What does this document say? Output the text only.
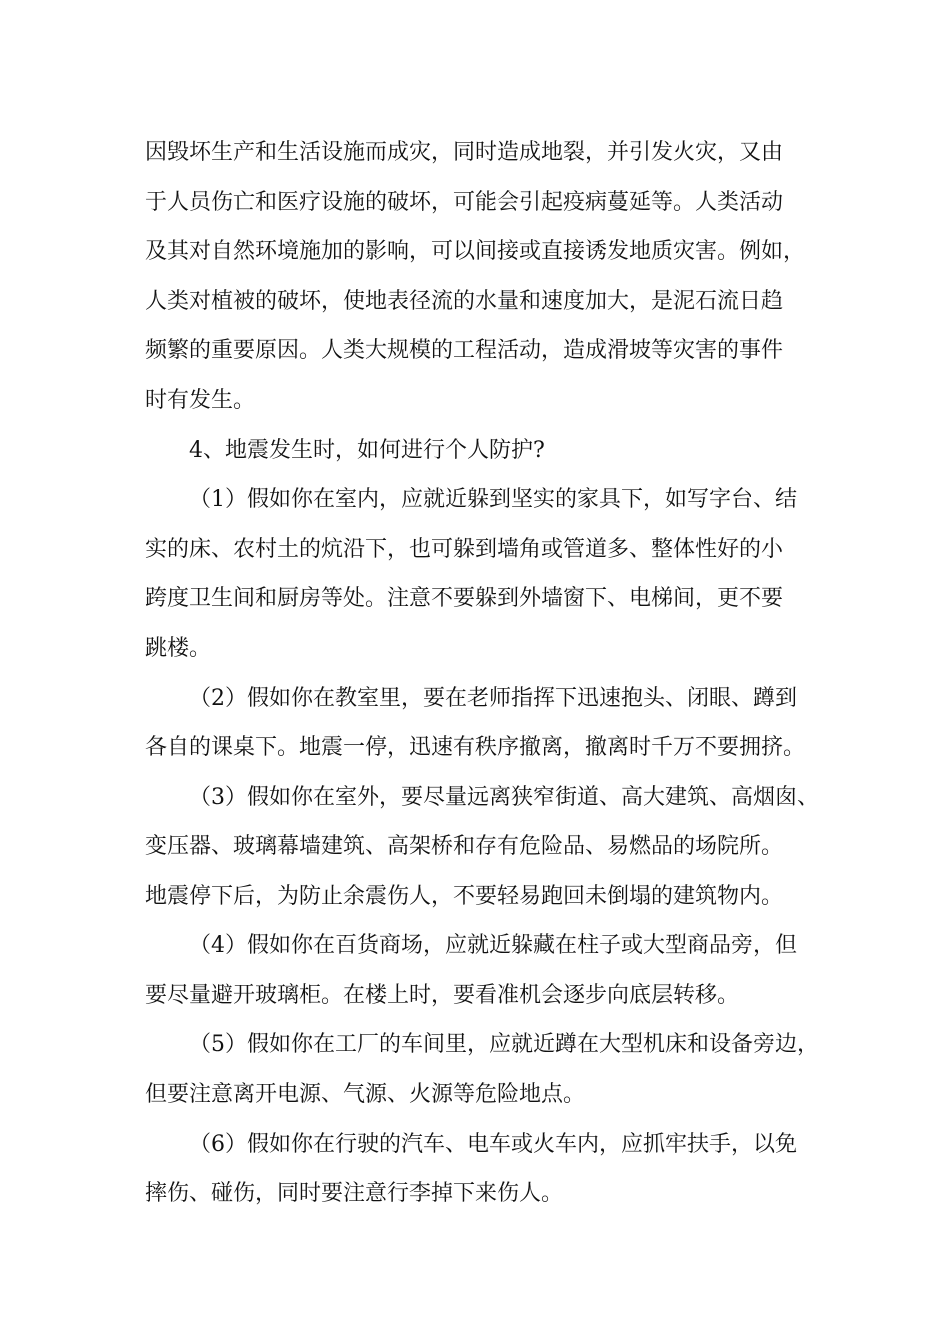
因毁坏生产和生活设施而成灾，同时造成地裂，并引发火灾，又由
于人员伤亡和医疗设施的破坏，可能会引起疫病蔓延等。人类活动
及其对自然环境施加的影响，可以间接或直接诱发地质灾害。例如，
人类对植被的破坏，使地表径流的水量和速度加大，是泥石流日趋
频繁的重要原因。人类大规模的工程活动，造成滑坡等灾害的事件
时有发生。
4、地震发生时，如何进行个人防护?
（1）假如你在室内，应就近躲到坚实的家具下，如写字台、结
实的床、农村土的炕沿下，也可躲到墙角或管道多、整体性好的小
跨度卫生间和厨房等处。注意不要躲到外墙窗下、电梯间，更不要
跳楼。
（2）假如你在教室里，要在老师指挥下迅速抱头、闭眼、蹲到
各自的课桌下。地震一停，迅速有秩序撤离，撤离时千万不要拥挤。
（3）假如你在室外，要尽量远离狭窄街道、高大建筑、高烟囱、
变压器、玻璃幕墙建筑、高架桥和存有危险品、易燃品的场院所。
地震停下后，为防止余震伤人，不要轻易跑回未倒塌的建筑物内。
（4）假如你在百货商场，应就近躲藏在柱子或大型商品旁，但
要尽量避开玻璃柜。在楼上时，要看准机会逐步向底层转移。
（5）假如你在工厂的车间里，应就近蹲在大型机床和设备旁边，
但要注意离开电源、气源、火源等危险地点。
（6）假如你在行驶的汽车、电车或火车内，应抓牢扶手，以免
摔伤、碰伤，同时要注意行李掉下来伤人。
